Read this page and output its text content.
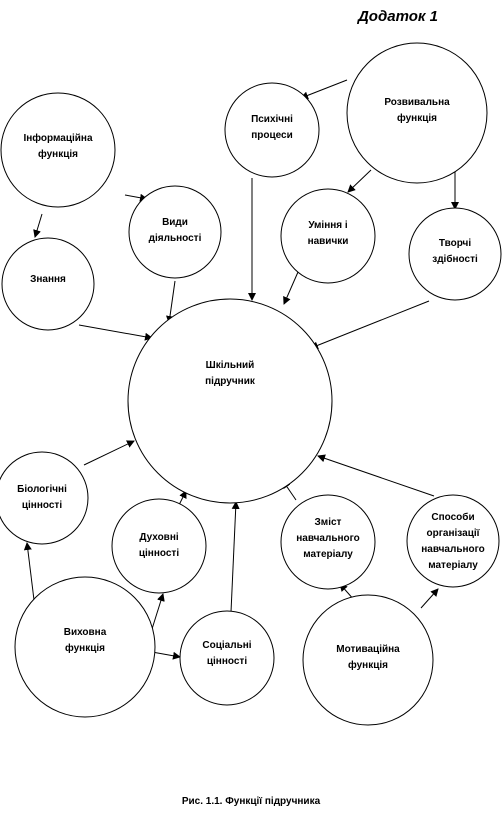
Додаток 1
Інформаційна функція
Розвивальна функція
Психічні процеси
Види діяльності
Знання
Уміння і навички	Творчі здібності
Шкільний підручник
Біологічні цінності
Духовні цінності
Зміст навчального матеріалу
Способи організації навчального матеріалу
Виховна функція	Соціальні цінності
Мотиваційна функція
Рис. 1.1. Функції підручника
